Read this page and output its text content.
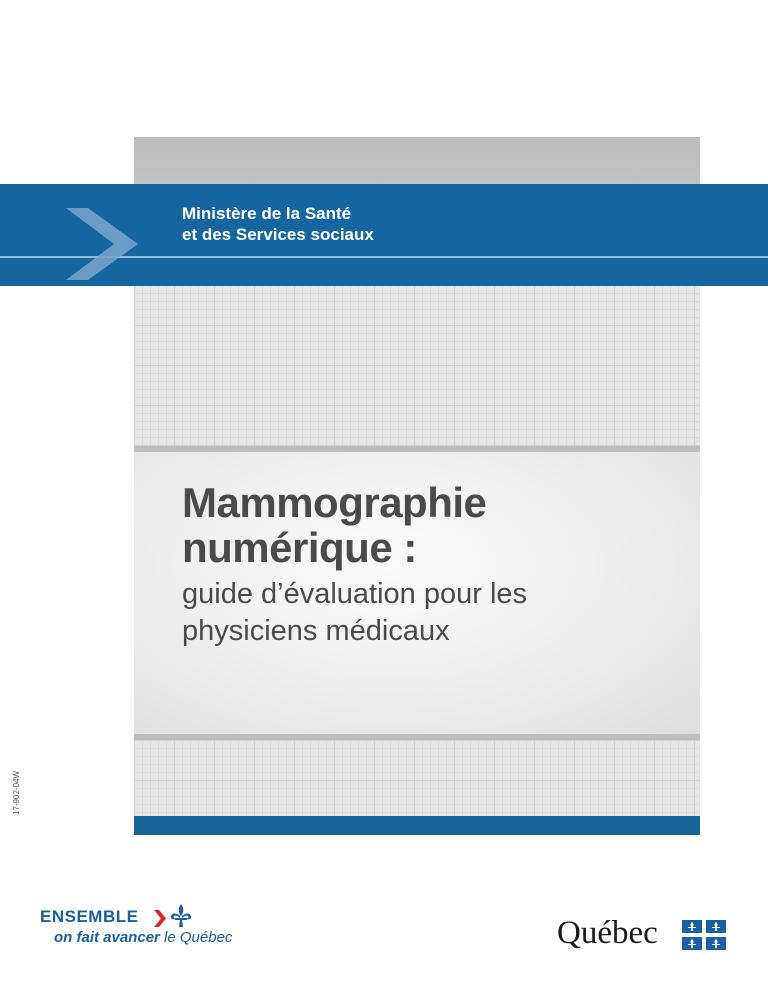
Ministère de la Santé
et des Services sociaux
Mammographie
numérique :
guide d’évaluation pour les
physiciens médicaux
17-902-04W
ENSEMBLE
on fait avancer le Québec	Québec
